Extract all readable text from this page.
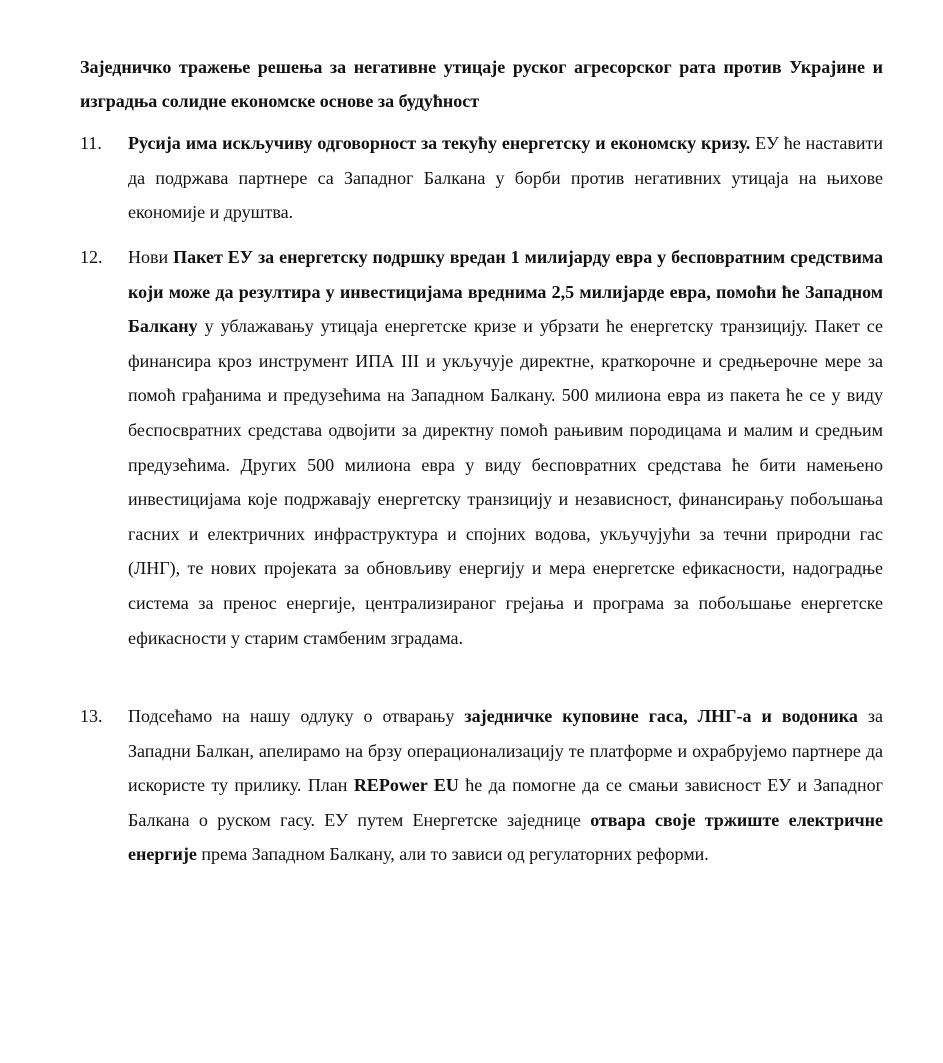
Заједничко тражење решења за негативне утицаје руског агресорског рата против Украјине и изградња солидне економске основе за будућност

11. Русија има искључиву одговорност за текућу енергетску и економску кризу. ЕУ ће наставити да подржава партнере са Западног Балкана у борби против негативних утицаја на њихове економије и друштва.
12. Нови Пакет ЕУ за енергетску подршку вредан 1 милијарду евра у бесповратним средствима који може да резултира у инвестицијама вреднима 2,5 милијарде евра, помоћи ће Западном Балкану у ублажавању утицаја енергетске кризе и убрзати ће енергетску транзицију. Пакет се финансира кроз инструмент ИПА III и укључује директне, краткорочне и средњерочне мере за помоћ грађанима и предузећима на Западном Балкану. 500 милиона евра из пакета ће се у виду беспосвратних средстава одвојити за директну помоћ рањивим породицама и малим и средњим предузећима. Других 500 милиона евра у виду бесповратних средстава ће бити намењено инвестицијама које подржавају енергетску транзицију и независност, финансирању побољшања гасних и електричних инфраструктура и спојних водова, укључујући за течни природни гас (ЛНГ), те нових пројеката за обновљиву енергију и мера енергетске ефикасности, надоградње система за пренос енергије, централизираног грејања и програма за побољшање енергетске ефикасности у старим стамбеним зградама.
13. Подсећамо на нашу одлуку о отварању заједничке куповине гаса, ЛНГ-а и водоника за Западни Балкан, апелирамо на брзу операционализацију те платформе и охрабрујемо партнере да искористе ту прилику. План REPower EU ће да помогне да се смањи зависност ЕУ и Западног Балкана о руском гасу. ЕУ путем Енергетске заједнице отвара своје тржиште електричне енергије према Западном Балкану, али то зависи од регулаторних реформи.
